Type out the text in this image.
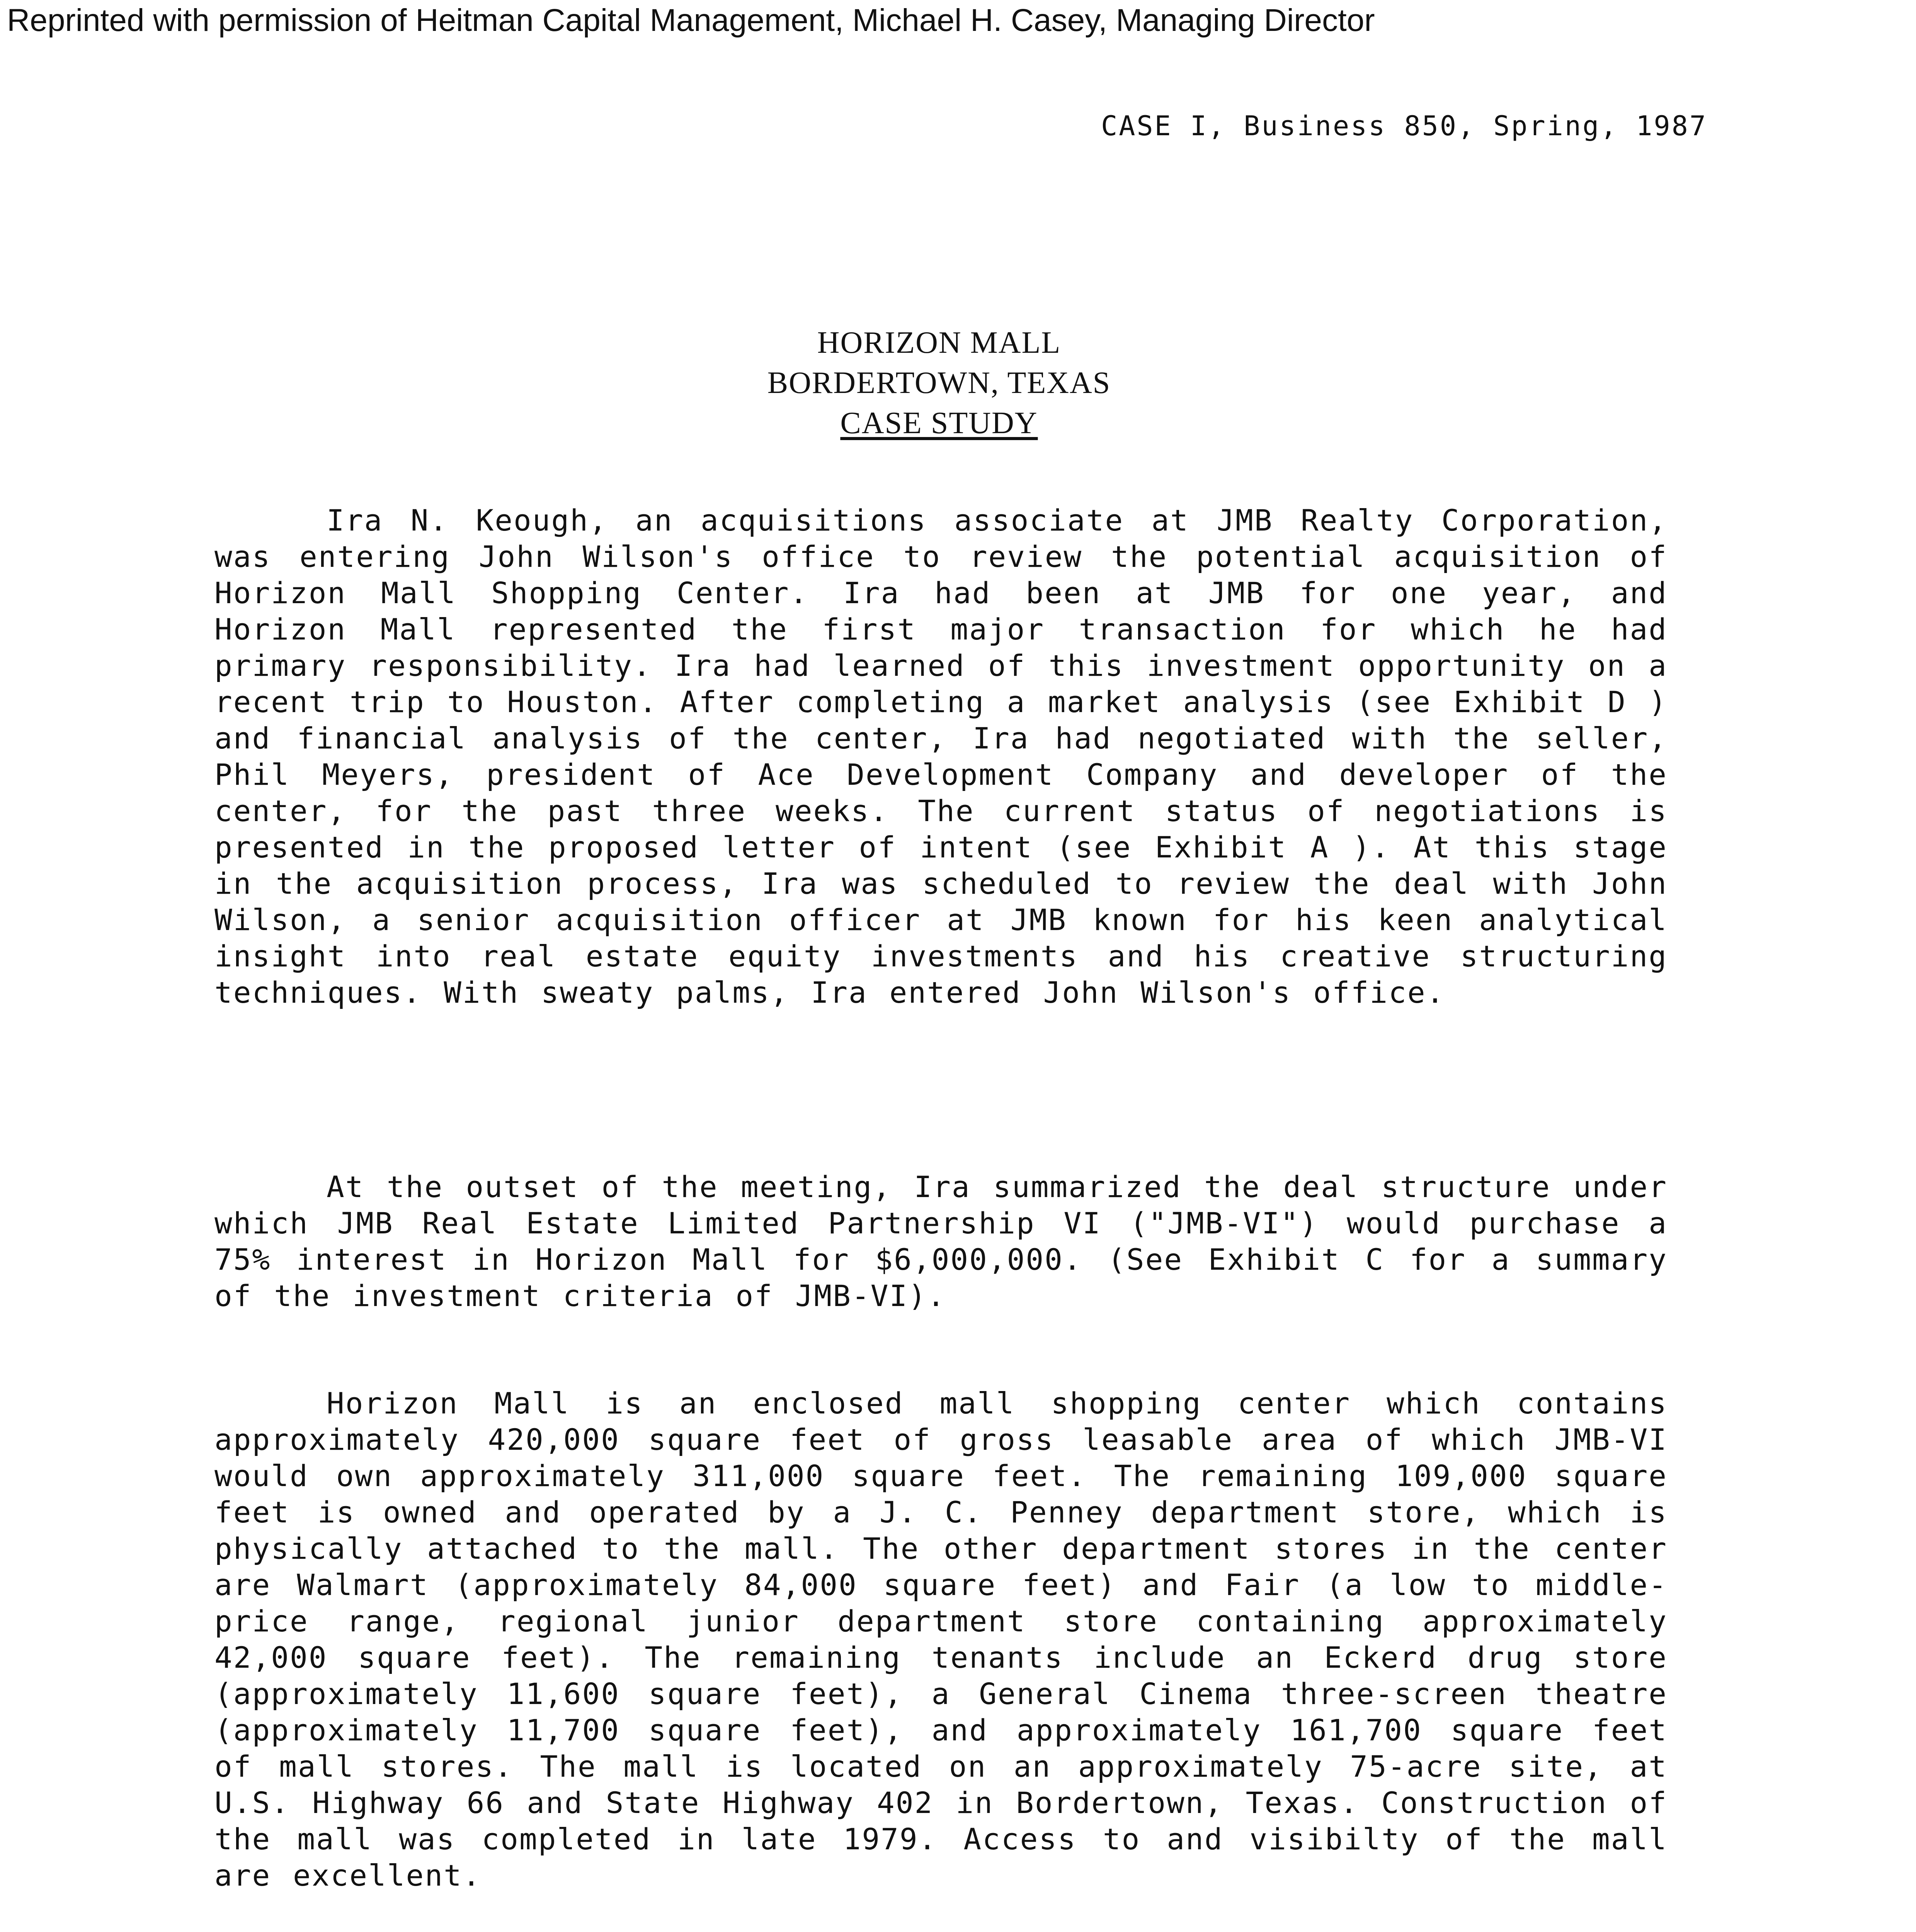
Reprinted with permission of Heitman Capital Management, Michael H. Casey, Managing Director
CASE I, Business 850, Spring, 1987
HORIZON MALL
BORDERTOWN, TEXAS
CASE STUDY

Ira N. Keough, an acquisitions associate at JMB Realty Corporation, was entering John Wilson's office to review the potential acquisition of Horizon Mall Shopping Center. Ira had been at JMB for one year, and Horizon Mall represented the first major transaction for which he had primary responsibility. Ira had learned of this investment opportunity on a recent trip to Houston. After completing a market analysis (see Exhibit D ) and financial analysis of the center, Ira had negotiated with the seller, Phil Meyers, president of Ace Development Company and developer of the center, for the past three weeks. The current status of negotiations is presented in the proposed letter of intent (see Exhibit A ). At this stage in the acquisition process, Ira was scheduled to review the deal with John Wilson, a senior acquisition officer at JMB known for his keen analytical insight into real estate equity investments and his creative structuring techniques. With sweaty palms, Ira entered John Wilson's office.

At the outset of the meeting, Ira summarized the deal structure under which JMB Real Estate Limited Partnership VI ("JMB-VI") would purchase a 75% interest in Horizon Mall for $6,000,000. (See Exhibit C for a summary of the investment criteria of JMB-VI).

Horizon Mall is an enclosed mall shopping center which contains approximately 420,000 square feet of gross leasable area of which JMB-VI would own approximately 311,000 square feet. The remaining 109,000 square feet is owned and operated by a J. C. Penney department store, which is physically attached to the mall. The other department stores in the center are Walmart (approximately 84,000 square feet) and Fair (a low to middle-price range, regional junior department store containing approximately 42,000 square feet). The remaining tenants include an Eckerd drug store (approximately 11,600 square feet), a General Cinema three-screen theatre (approximately 11,700 square feet), and approximately 161,700 square feet of mall stores. The mall is located on an approximately 75-acre site, at U.S. Highway 66 and State Highway 402 in Bordertown, Texas. Construction of the mall was completed in late 1979. Access to and visibilty of the mall are excellent.
